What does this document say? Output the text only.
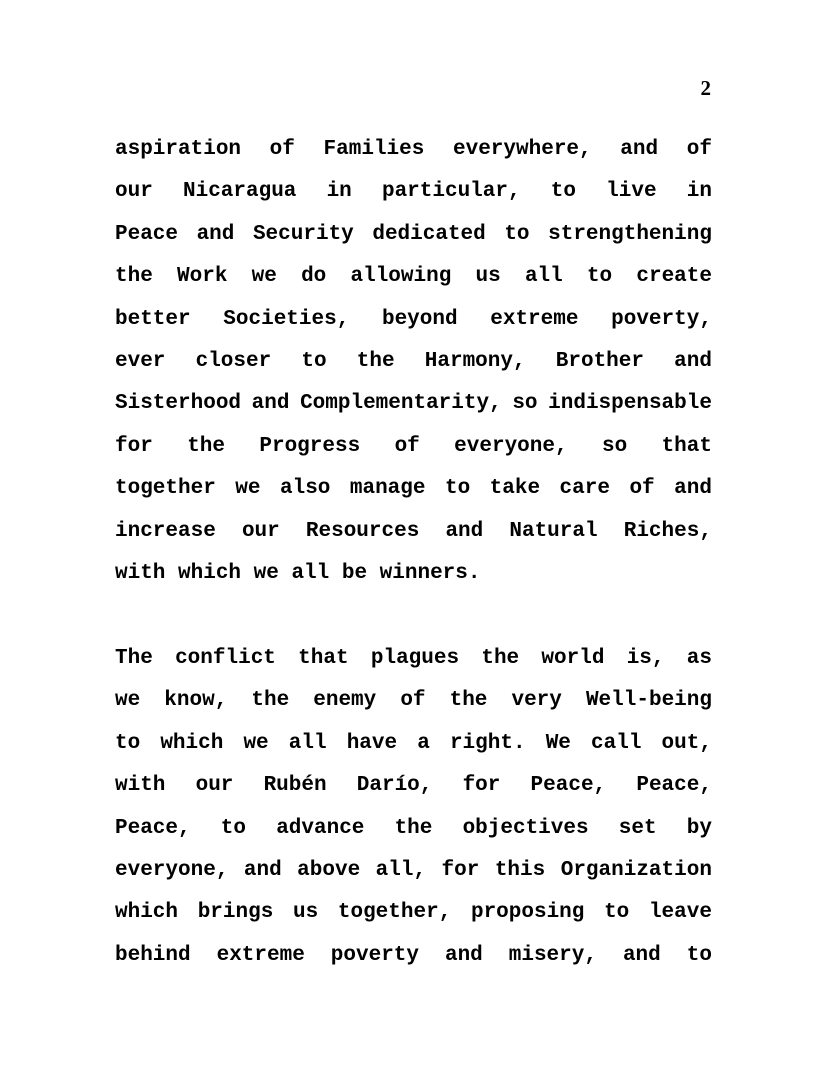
2
aspiration of Families everywhere, and of
our Nicaragua in particular, to live in
Peace and Security dedicated to strengthening
the Work we do allowing us all to create
better Societies, beyond extreme poverty,
ever closer to the Harmony, Brother and
Sisterhood and Complementarity, so indispensable
for the Progress of everyone, so that
together we also manage to take care of and
increase our Resources and Natural Riches,
with which we all be winners.
The conflict that plagues the world is, as
we know, the enemy of the very Well-being
to which we all have a right. We call out,
with our Rubén Darío, for Peace, Peace,
Peace, to advance the objectives set by
everyone, and above all, for this Organization
which brings us together, proposing to leave
behind extreme poverty and misery, and to
